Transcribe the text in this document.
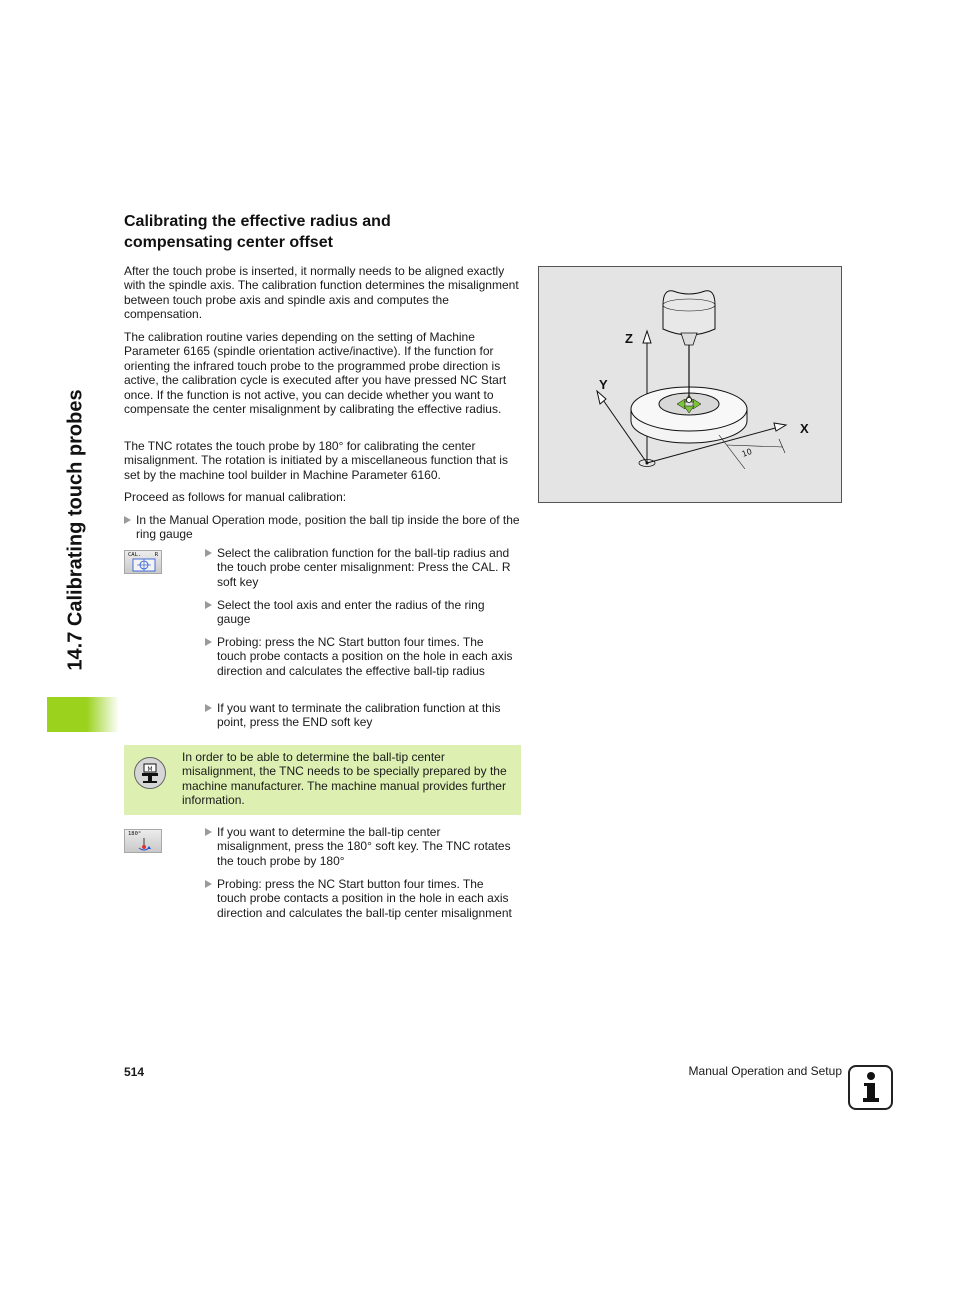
14.7 Calibrating touch probes
Calibrating the effective radius and compensating center offset
After the touch probe is inserted, it normally needs to be aligned exactly with the spindle axis. The calibration function determines the misalignment between touch probe axis and spindle axis and computes the compensation.
The calibration routine varies depending on the setting of Machine Parameter 6165 (spindle orientation active/inactive). If the function for orienting the infrared touch probe to the programmed probe direction is active, the calibration cycle is executed after you have pressed NC Start once. If the function is not active, you can decide whether you want to compensate the center misalignment by calibrating the effective radius.
The TNC rotates the touch probe by 180° for calibrating the center misalignment. The rotation is initiated by a miscellaneous function that is set by the machine tool builder in Machine Parameter 6160.
Proceed as follows for manual calibration:
In the Manual Operation mode, position the ball tip inside the bore of the ring gauge
CAL. R	Select the calibration function for the ball-tip radius and the touch probe center misalignment: Press the CAL. R soft key
Select the tool axis and enter the radius of the ring gauge
Probing: press the NC Start button four times. The touch probe contacts a position on the hole in each axis direction and calculates the effective ball-tip radius
If you want to terminate the calibration function at this point, press the END soft key
M
In order to be able to determine the ball-tip center misalignment, the TNC needs to be specially prepared by the machine manufacturer. The machine manual provides further information.
180°	If you want to determine the ball-tip center misalignment, press the 180° soft key. The TNC rotates the touch probe by 180°
Probing: press the NC Start button four times. The touch probe contacts a position in the hole in each axis direction and calculates the ball-tip center misalignment
10
Z
Y
X
514	Manual Operation and Setup
